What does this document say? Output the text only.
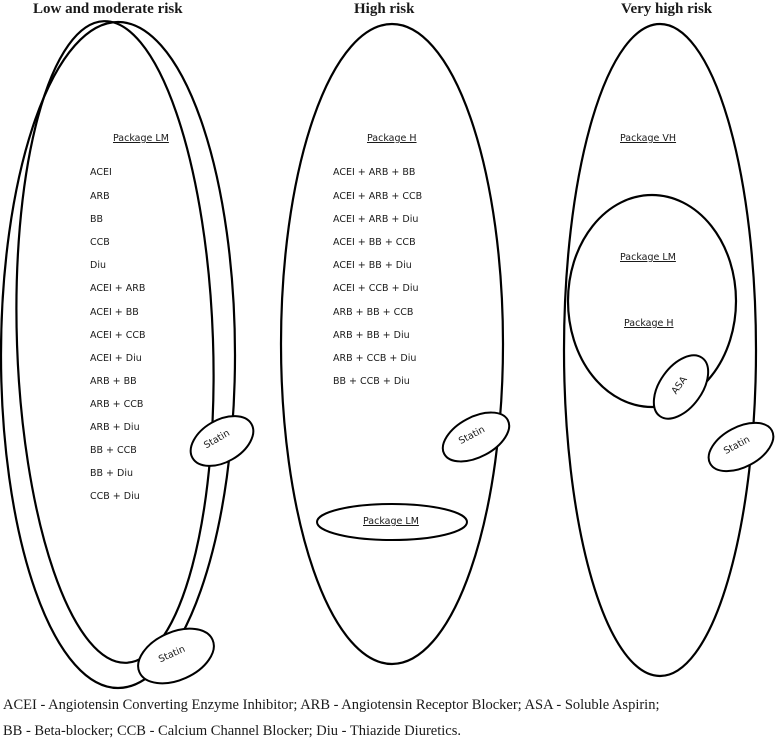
Low and moderate risk	High risk	Very high risk
Package LM
ACEI
ARB
BB
CCB
Diu
ACEI + ARB
ACEI + BB
ACEI + CCB
ACEI + Diu
ARB + BB
ARB + CCB
ARB + Diu
BB + CCB
BB + Diu
CCB + Diu
Statin
Statin
Package H
ACEI + ARB + BB
ACEI + ARB + CCB
ACEI + ARB + Diu
ACEI + BB + CCB
ACEI + BB + Diu
ACEI + CCB + Diu
ARB + BB + CCB
ARB + BB + Diu
ARB + CCB + Diu
BB + CCB + Diu
Statin
Package LM
Package VH
Package LM
Package H
ASA
Statin
ACEI - Angiotensin Converting Enzyme Inhibitor; ARB - Angiotensin Receptor Blocker; ASA - Soluble Aspirin;
BB - Beta-blocker; CCB - Calcium Channel Blocker; Diu - Thiazide Diuretics.
